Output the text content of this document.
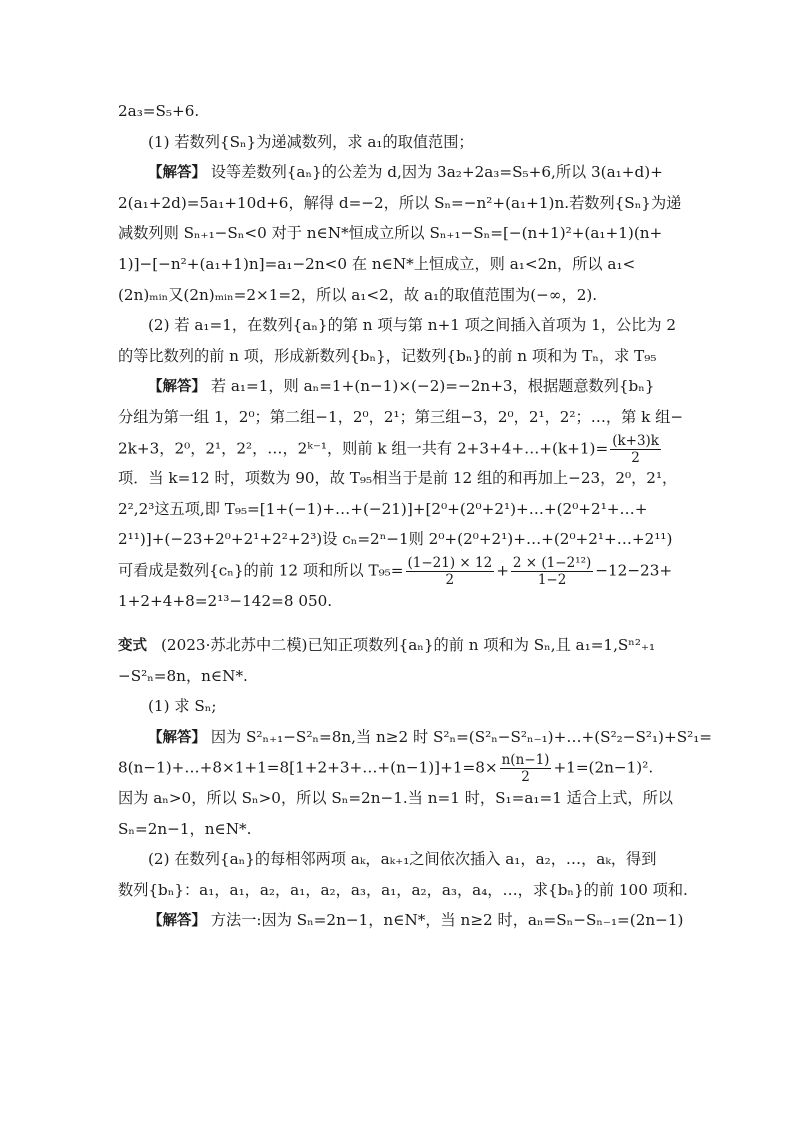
2a₃=S₅+6.
(1) 若数列{Sₙ}为递减数列，求 a₁的取值范围；
【解答】 设等差数列{aₙ}的公差为 d,因为 3a₂+2a₃=S₅+6,所以 3(a₁+d)+
2(a₁+2d)=5a₁+10d+6，解得 d=−2，所以 Sₙ=−n²+(a₁+1)n.若数列{Sₙ}为递
减数列则 Sₙ₊₁−Sₙ<0 对于 n∈N*恒成立所以 Sₙ₊₁−Sₙ=[−(n+1)²+(a₁+1)(n+
1)]−[−n²+(a₁+1)n]=a₁−2n<0 在 n∈N*上恒成立，则 a₁<2n，所以 a₁<
(2n)ₘᵢₙ又(2n)ₘᵢₙ=2×1=2，所以 a₁<2，故 a₁的取值范围为(−∞，2).
(2) 若 a₁=1，在数列{aₙ}的第 n 项与第 n+1 项之间插入首项为 1，公比为 2
的等比数列的前 n 项，形成新数列{bₙ}，记数列{bₙ}的前 n 项和为 Tₙ，求 T₉₅
【解答】 若 a₁=1，则 aₙ=1+(n−1)×(−2)=−2n+3，根据题意数列{bₙ}
分组为第一组 1，2⁰；第二组−1，2⁰，2¹；第三组−3，2⁰，2¹，2²；…，第 k 组−
2k+3，2⁰，2¹，2²，…，2ᵏ⁻¹，则前 k 组一共有 2+3+4+…+(k+1)= $\frac{(k+3)k}{2}$
项．当 k=12 时，项数为 90，故 T₉₅相当于是前 12 组的和再加上−23，2⁰，2¹，
2²,2³这五项,即 T₉₅=[1+(−1)+…+(−21)]+[2⁰+(2⁰+2¹)+…+(2⁰+2¹+…+
2¹¹)]+(−23+2⁰+2¹+2²+2³)设 cₙ=2ⁿ−1则 2⁰+(2⁰+2¹)+…+(2⁰+2¹+…+2¹¹)
可看成是数列{cₙ}的前 12 项和所以 $T_{95}= \frac{(1-21) \times 12}{2} + \frac{\text{2 × (1−2¹²)}}{1-2} -12-23+$
1+2+4+8=2¹³−142=8 050.
变式 (2023·苏北苏中二模)已知正项数列{aₙ}的前 n 项和为 Sₙ,且 a₁=1,Sⁿ²₊₁
−S²ₙ=8n，n∈N*.
(1) 求 Sₙ;
【解答】 因为 S²ₙ₊₁−S²ₙ=8n,当 n≥2 时 S²ₙ=(S²ₙ−S²ₙ₋₁)+…+(S²₂−S²₁)+S²₁=
8(n−1)+…+8×1+1=8[1+2+3+…+(n−1)]+1=8× $\frac{n(n-1)}{2} +1=(2n-1)^2$.
因为 aₙ>0，所以 Sₙ>0，所以 Sₙ=2n−1.当 n=1 时，S₁=a₁=1 适合上式，所以
Sₙ=2n−1，n∈N*.
(2) 在数列{aₙ}的每相邻两项 aₖ，aₖ₊₁之间依次插入 a₁，a₂，…，aₖ，得到
数列{bₙ}：a₁，a₁，a₂，a₁，a₂，a₃，a₁，a₂，a₃，a₄，…，求{bₙ}的前 100 项和.
【解答】 方法一:因为 Sₙ=2n−1，n∈N*，当 n≥2 时，aₙ=Sₙ−Sₙ₋₁=(2n−1)
